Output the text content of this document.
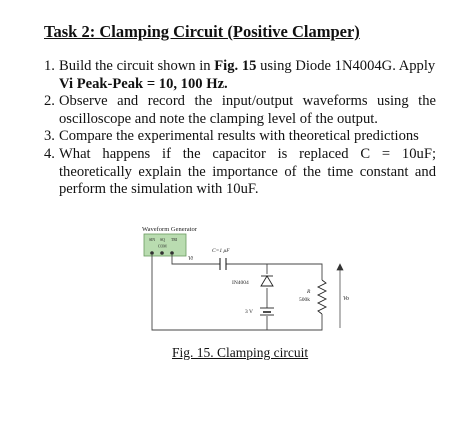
Task 2: Clamping Circuit (Positive Clamper)
1. Build the circuit shown in Fig. 15 using Diode 1N4004G. Apply
Vi Peak-Peak = 10, 100 Hz.
2. Observe and record the input/output waveforms using the oscilloscope and note the clamping level of the output.
3. Compare the experimental results with theoretical predictions
4. What happens if the capacitor is replaced C = 10uF; theoretically explain the importance of the time constant and perform the simulation with 10uF.
Waveform Generator
SIN SQ TRI
COM
Vi
C=1 μF
IN4004
3 V
R
500k	Vo
Fig. 15. Clamping circuit
